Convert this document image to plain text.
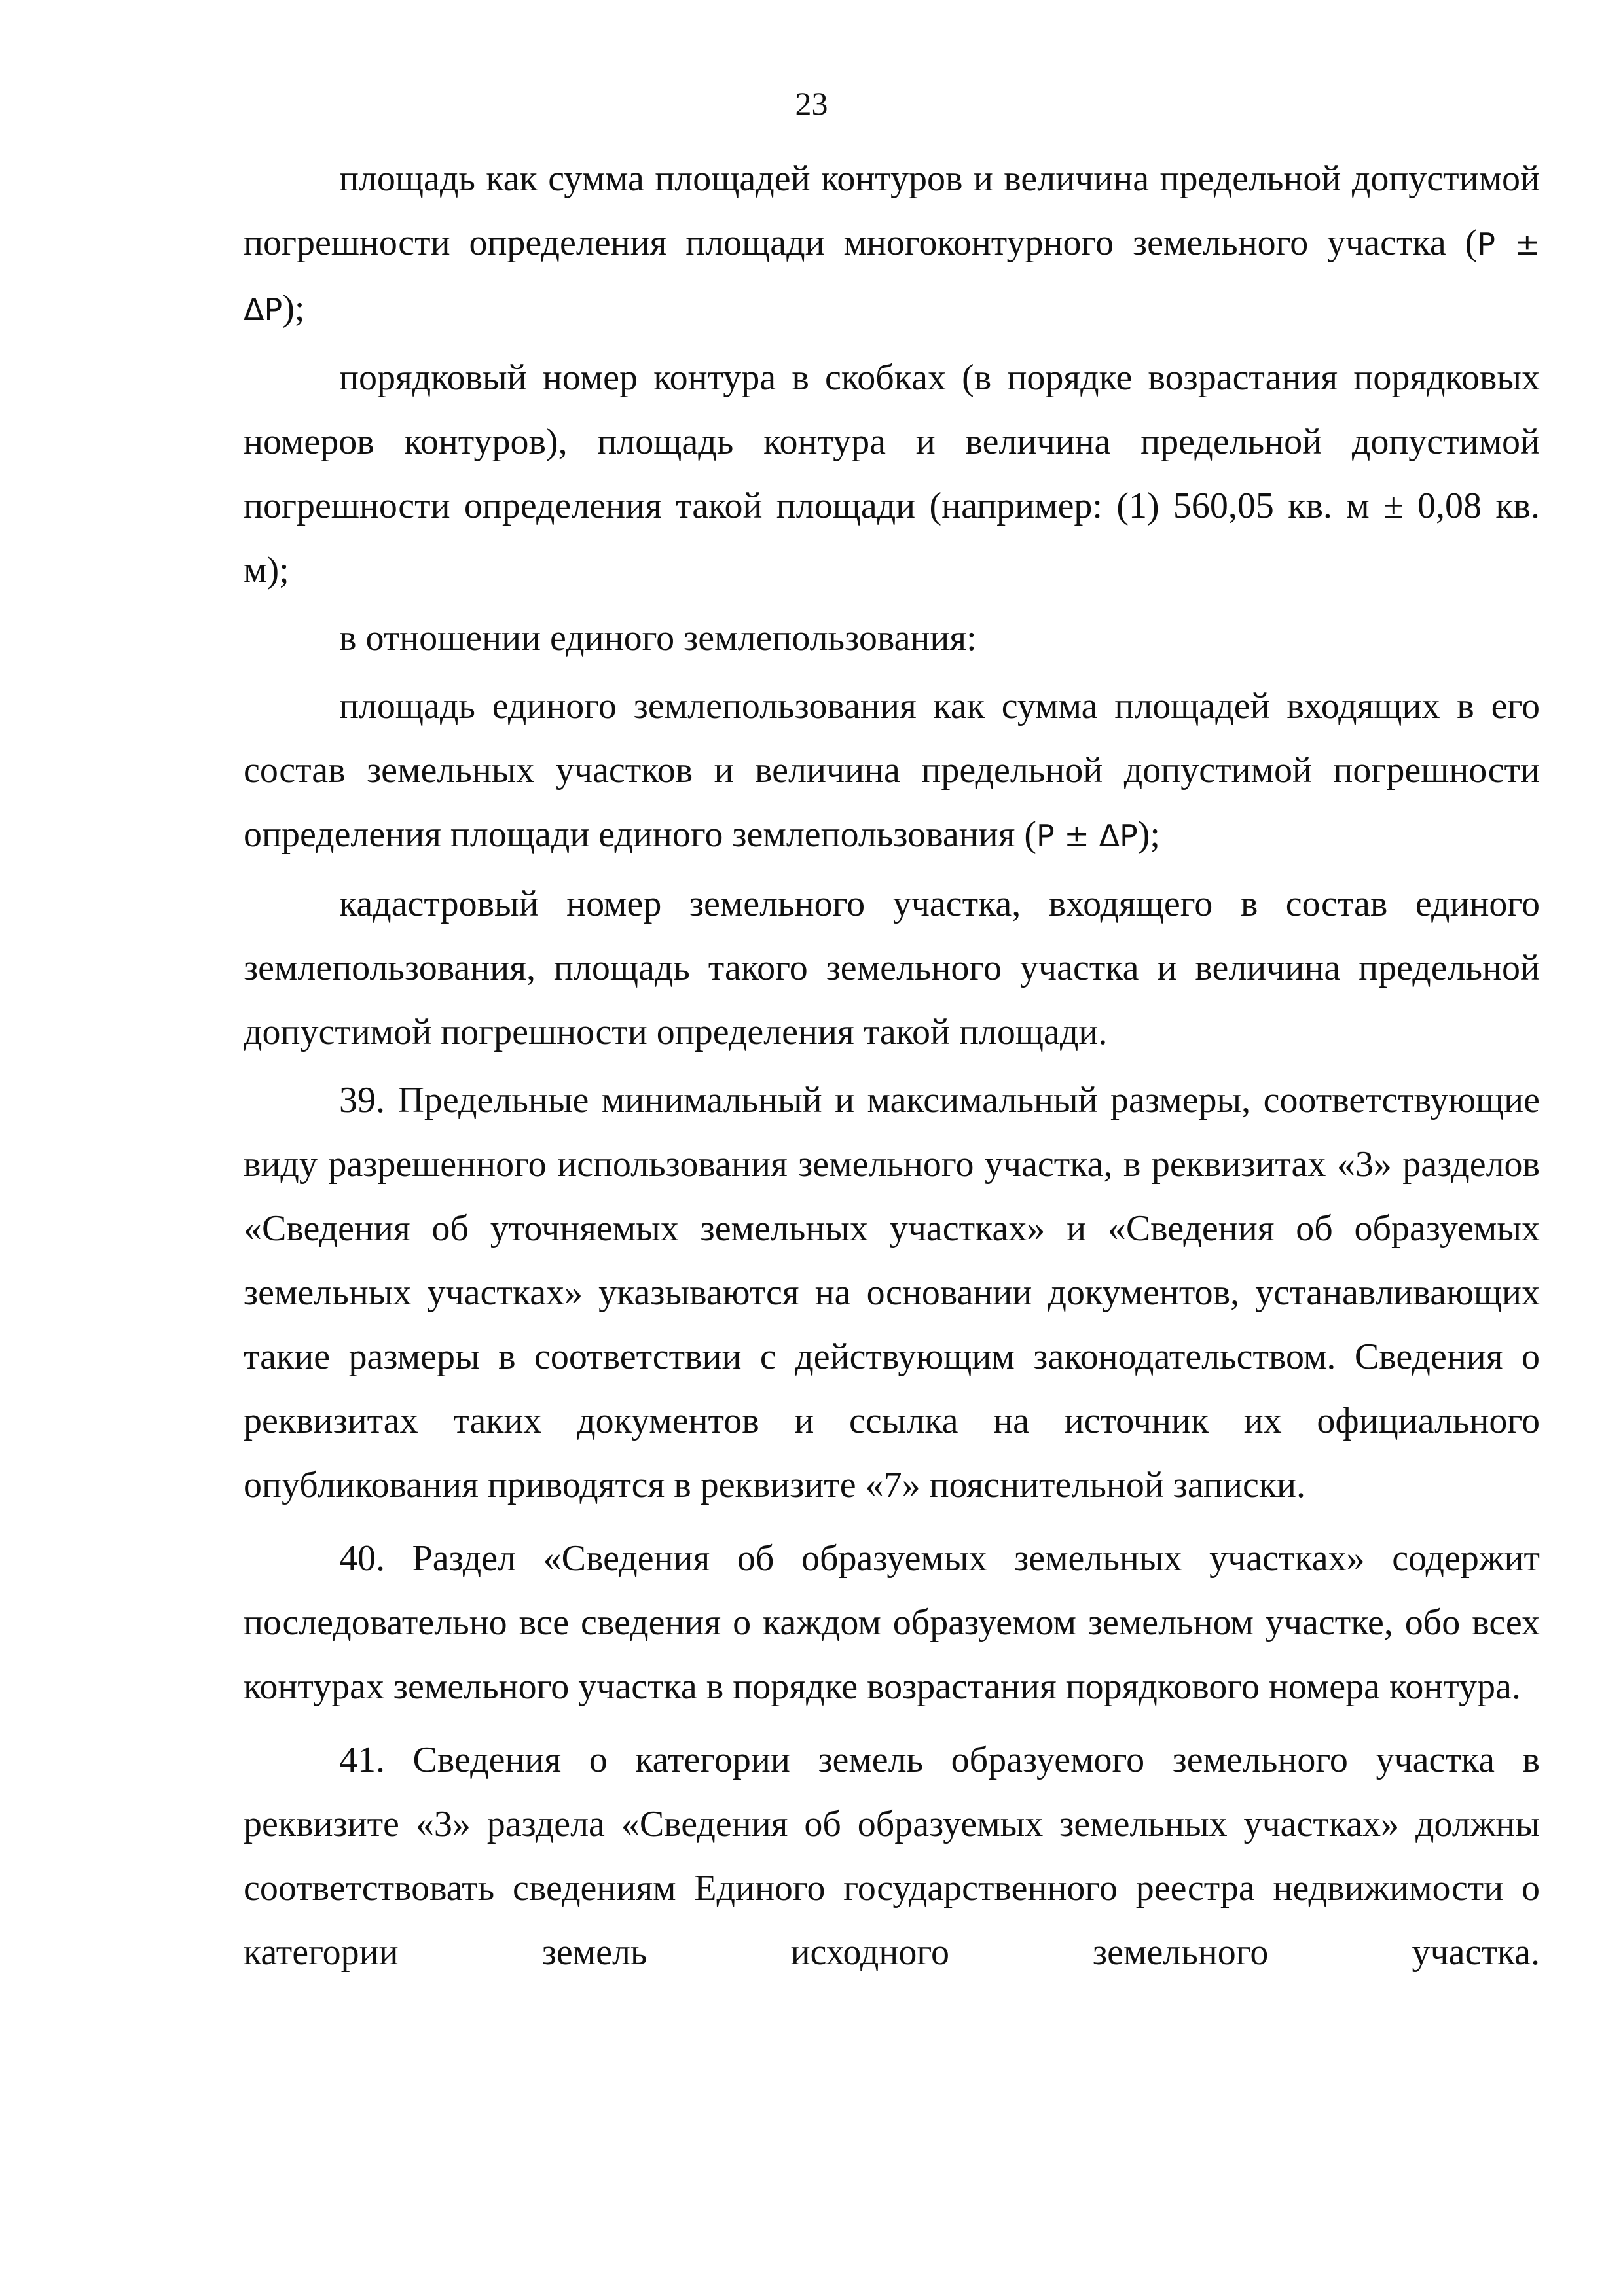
23

площадь как сумма площадей контуров и величина предельной допустимой погрешности определения площади многоконтурного земельного участка (P ± ΔP);

порядковый номер контура в скобках (в порядке возрастания порядковых номеров контуров), площадь контура и величина предельной допустимой погрешности определения такой площади (например: (1) 560,05 кв. м ± 0,08 кв. м);

в отношении единого землепользования:

площадь единого землепользования как сумма площадей входящих в его состав земельных участков и величина предельной допустимой погрешности определения площади единого землепользования (P ± ΔP);

кадастровый номер земельного участка, входящего в состав единого землепользования, площадь такого земельного участка и величина предельной допустимой погрешности определения такой площади.

39. Предельные минимальный и максимальный размеры, соответствующие виду разрешенного использования земельного участка, в реквизитах «3» разделов «Сведения об уточняемых земельных участках» и «Сведения об образуемых земельных участках» указываются на основании документов, устанавливающих такие размеры в соответствии с действующим законодательством. Сведения о реквизитах таких документов и ссылка на источник их официального опубликования приводятся в реквизите «7» пояснительной записки.

40. Раздел «Сведения об образуемых земельных участках» содержит последовательно все сведения о каждом образуемом земельном участке, обо всех контурах земельного участка в порядке возрастания порядкового номера контура.

41. Сведения о категории земель образуемого земельного участка в реквизите «3» раздела «Сведения об образуемых земельных участках» должны соответствовать сведениям Единого государственного реестра недвижимости о категории земель исходного земельного участка.
